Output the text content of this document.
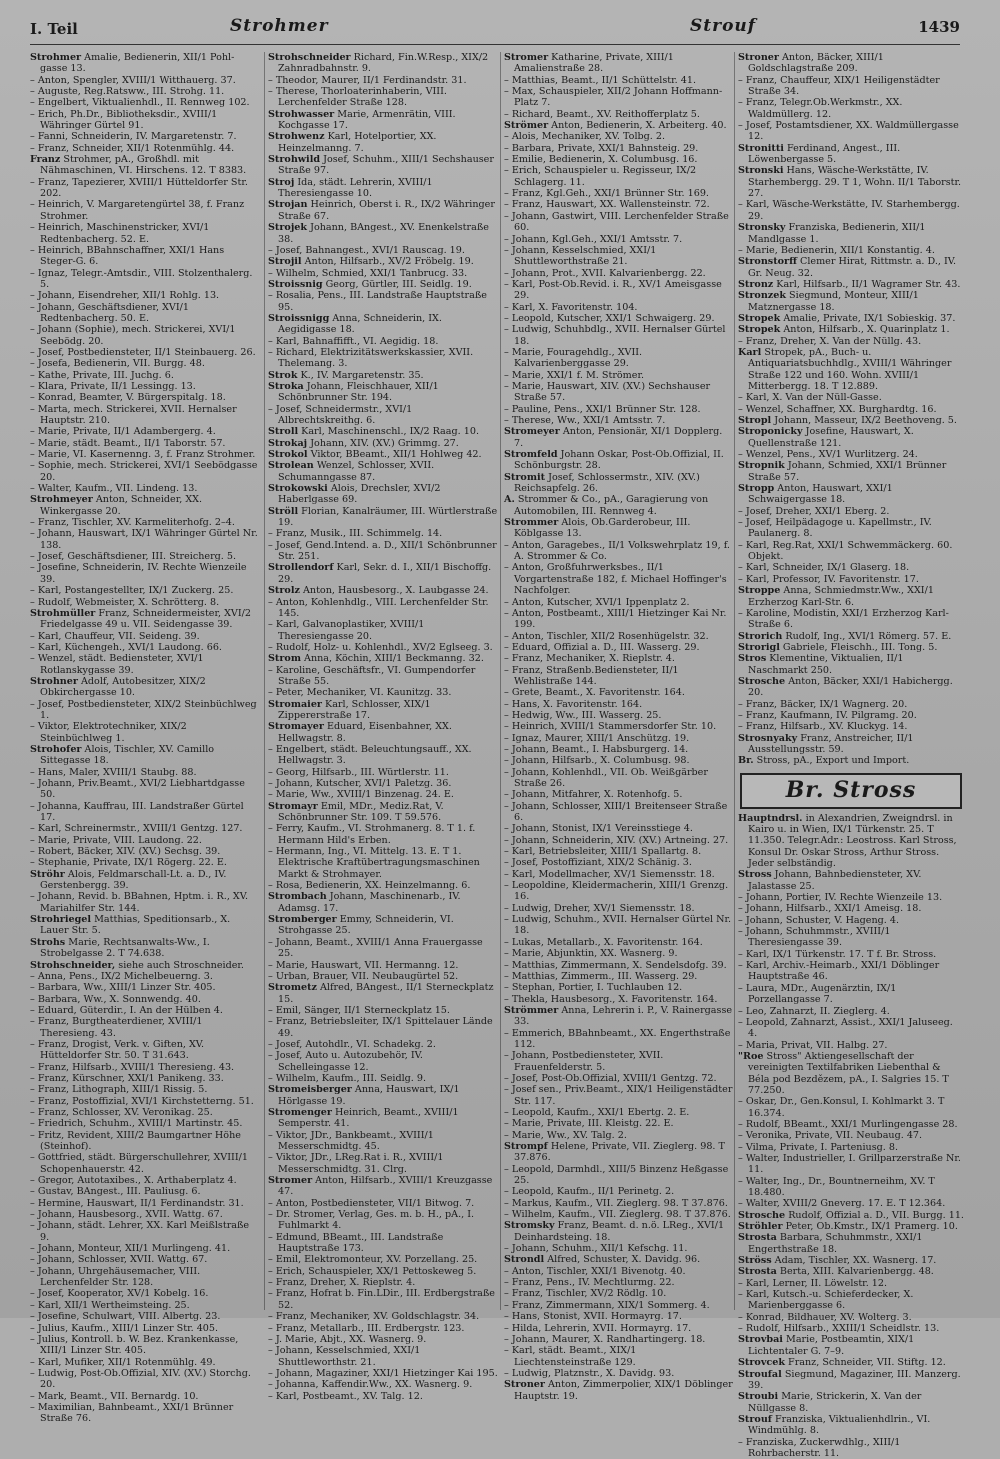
I. Teil	Strohmer	Strouf	1439

Strohmer Amalie, Bedienerin, XII/1 Pohl-gasse 13.

– Anton, Spengler, XVIII/1 Witthauerg. 37.

– Auguste, Reg.Ratsww., III. Strohg. 11.

– Engelbert, Viktualienhdl., II. Rennweg 102.

– Erich, Ph.Dr., Bibliotheksdir., XVIII/1 Währinger Gürtel 91.

– Fanni, Schneiderin, IV. Margaretenstr. 7.

– Franz, Schneider, XII/1 Rotenmühlg. 44.

Franz Strohmer, pA., Großhdl. mit Nähmaschinen, VI. Hirschens. 12. T 8383.

– Franz, Tapezierer, XVIII/1 Hütteldorfer Str. 202.

– Heinrich, V. Margaretengürtel 38, f. Franz Strohmer.

– Heinrich, Maschinenstricker, XVI/1 Redtenbacherg. 52. E.

– Heinrich, BBahnschaffner, XXI/1 Hans Steger-G. 6.

– Ignaz, Telegr.-Amtsdir., VIII. Stolzenthalerg. 5.

– Johann, Eisendreher, XII/1 Rohlg. 13.

– Johann, Geschäftsdiener, XVI/1 Redtenbacherg. 50. E.

– Johann (Sophie), mech. Strickerei, XVI/1 Seebödg. 20.

– Josef, Postbediensteter, II/1 Steinbauerg. 26.

– Josefa, Bedienerin, VII. Burgg. 48.

– Kathe, Private, III. Juchg. 6.

– Klara, Private, II/1 Lessingg. 13.

– Konrad, Beamter, V. Bürgerspitalg. 18.

– Marta, mech. Strickerei, XVII. Hernalser Hauptstr. 210.

– Marie, Private, II/1 Adambergerg. 4.

– Marie, städt. Beamt., II/1 Taborstr. 57.

– Marie, VI. Kasernenng. 3, f. Franz Strohmer.

– Sophie, mech. Strickerei, XVI/1 Seebödgasse 20.

– Walter, Kaufm., VII. Lindeng. 13.

Strohmeyer Anton, Schneider, XX. Winkergasse 20.

– Franz, Tischler, XV. Karmeliterhofg. 2–4.

– Johann, Hauswart, IX/1 Währinger Gürtel Nr. 138.

– Josef, Geschäftsdiener, III. Streicherg. 5.

– Josefine, Schneiderin, IV. Rechte Wienzeile 39.

– Karl, Postangestellter, IX/1 Zuckerg. 25.

– Rudolf, Webmeister, X. Schrötterg. 8.

Strohmüller Franz, Schneidermeister, XVI/2 Friedelgasse 49 u. VII. Seidengasse 39.

– Karl, Chauffeur, VII. Seideng. 39.

– Karl, Küchengeh., XVI/1 Laudong. 66.

– Wenzel, städt. Bediensteter, XVI/1 Rotlanskygasse 39.

Strohner Adolf, Autobesitzer, XIX/2 Obkirchergasse 10.

– Josef, Postbediensteter, XIX/2 Steinbüchlweg 1.

– Viktor, Elektrotechniker, XIX/2 Steinbüchlweg 1.

Strohofer Alois, Tischler, XV. Camillo Sittegasse 18.

– Hans, Maler, XVIII/1 Staubg. 88.

– Johann, Priv.Beamt., XVI/2 Liebhartdgasse 50.

– Johanna, Kauffrau, III. Landstraßer Gürtel 17.

– Karl, Schreinermstr., XVIII/1 Gentzg. 127.

– Marie, Private, VIII. Laudong. 22.

– Robert, Bäcker, XIV. (XV.) Sechsg. 39.

– Stephanie, Private, IX/1 Rögerg. 22. E.

Ströhr Alois, Feldmarschall-Lt. a. D., IV. Gerstenbergg. 39.

– Johann, Revid. b. BBahnen, Hptm. i. R., XV. Mariahilfer Str. 144.

Strohriegel Matthias, Speditionsarb., X. Lauer Str. 5.

Strohs Marie, Rechtsanwalts-Ww., I. Strobelgasse 2. T 74.638.

Strohschneider, siehe auch Stroschneider.

– Anna, Pens., IX/2 Michelbeuerng. 3.

– Barbara, Ww., XIII/1 Linzer Str. 405.

– Barbara, Ww., X. Sonnwendg. 40.

– Eduard, Güterdir., I. An der Hülben 4.

– Franz, Burgtheaterdiener, XVIII/1 Theresieng. 43.

– Franz, Drogist, Verk. v. Giften, XV. Hütteldorfer Str. 50. T 31.643.

– Franz, Hilfsarb., XVIII/1 Theresieng. 43.

– Franz, Kürschner, XXI/1 Panikeng. 33.

– Franz, Lithograph, XIII/1 Rissig. 5.

– Franz, Postoffizial, XVI/1 Kirchstetterng. 51.

– Franz, Schlosser, XV. Veronikag. 25.

– Friedrich, Schuhm., XVIII/1 Martinstr. 45.

– Fritz, Revident, XIII/2 Baumgartner Höhe (Steinhof).

– Gottfried, städt. Bürgerschullehrer, XVIII/1 Schopenhauerstr. 42.

– Gregor, Autotaxibes., X. Arthaberplatz 4.

– Gustav, BAngest., III. Pauliusg. 6.

– Hermine, Hauswart, II/1 Ferdinandstr. 31.

– Johann, Hausbesorg., XVII. Wattg. 67.

– Johann, städt. Lehrer, XX. Karl Meißlstraße 9.

– Johann, Monteur, XII/1 Murlingeng. 41.

– Johann, Schlosser, XVII. Wattg. 67.

– Johann, Uhrgehäusemacher, VIII. Lerchenfelder Str. 128.

– Josef, Kooperator, XV/1 Kobelg. 16.

– Karl, XII/1 Wertheimsteing. 25.

– Josefine, Schulwart, VIII. Albertg. 23.

– Julius, Kaufm., XIII/1 Linzer Str. 405.

– Julius, Kontroll. b. W. Bez. Krankenkasse, XIII/1 Linzer Str. 405.

– Karl, Mufiker, XII/1 Rotenmühlg. 49.

– Ludwig, Post-Ob.Offizial, XIV. (XV.) Storchg. 20.

– Mark, Beamt., VII. Bernardg. 10.

– Maximilian, Bahnbeamt., XXI/1 Brünner Straße 76.

Strohschneider Richard, Fin.W.Resp., XIX/2 Zahnradbahnstr. 9.

– Theodor, Maurer, II/1 Ferdinandstr. 31.

– Therese, Thorloaterinhaberin, VIII. Lerchenfelder Straße 128.

Strohwasser Marie, Armenrätin, VIII. Kochgasse 17.

Strohwenz Karl, Hotelportier, XX. Heinzelmanng. 7.

Strohwild Josef, Schuhm., XIII/1 Sechshauser Straße 97.

Stroj Ida, städt. Lehrerin, XVIII/1 Theresiengasse 10.

Strojan Heinrich, Oberst i. R., IX/2 Währinger Straße 67.

Strojek Johann, BAngest., XV. Enenkelstraße 38.

– Josef, Bahnangest., XVI/1 Rauscag. 19.

Strojil Anton, Hilfsarb., XV/2 Fröbelg. 19.

– Wilhelm, Schmied, XXI/1 Tanbrucg. 33.

Stroissnig Georg, Gürtler, III. Seidlg. 19.

– Rosalia, Pens., III. Landstraße Hauptstraße 95.

Stroissnigg Anna, Schneiderin, IX. Aegidigasse 18.

– Karl, Bahnaffifft., VI. Aegidig. 18.

– Richard, Elektrizitätswerkskassier, XVII. Thelemang. 3.

Strok K., IV. Margaretenstr. 35.

Stroka Johann, Fleischhauer, XII/1 Schönbrunner Str. 194.

– Josef, Schneidermstr., XVI/1 Albrechtskreithg. 6.

Stroll Karl, Maschinenschl., IX/2 Raag. 10.

Strokaj Johann, XIV. (XV.) Grimmg. 27.

Strokol Viktor, BBeamt., XII/1 Hohlweg 42.

Strolean Wenzel, Schlosser, XVII. Schumanngasse 87.

Strokowski Alois, Drechsler, XVI/2 Haberlgasse 69.

Ströll Florian, Kanalräumer, III. Würtlerstraße 19.

– Franz, Musik., III. Schimmelg. 14.

– Josef, Gend.Intend. a. D., XII/1 Schönbrunner Str. 251.

Strollendorf Karl, Sekr. d. I., XII/1 Bischoffg. 29.

Strolz Anton, Hausbesorg., X. Laubgasse 24.

– Anton, Kohlenhdlg., VIII. Lerchenfelder Str. 145.

– Karl, Galvanoplastiker, XVIII/1 Theresiengasse 20.

– Rudolf, Holz- u. Kohlenhdl., XV/2 Eglseeg. 3.

Strom Anna, Köchin, XIII/1 Beckmanng. 32.

– Karoline, Geschäftsfr., VI. Gumpendorfer Straße 55.

– Peter, Mechaniker, VI. Kaunitzg. 33.

Stromaier Karl, Schlosser, XIX/1 Zippererstraße 17.

Stromayer Eduard, Eisenbahner, XX. Hellwagstr. 8.

– Engelbert, städt. Beleuchtungsauff., XX. Hellwagstr. 3.

– Georg, Hilfsarb., III. Würtlerstr. 11.

– Johann, Kutscher, XVI/1 Paletzg. 36.

– Marie, Ww., XVIII/1 Binzenag. 24. E.

Stromayr Emil, MDr., Mediz.Rat, V. Schönbrunner Str. 109. T 59.576.

– Ferry, Kaufm., VI. Strohmanerg. 8. T 1. f. Hermann Hild's Erben.

– Hermann, Ing., VI. Mittelg. 13. E. T 1. Elektrische Kraftübertragungsmaschinen Markt & Strohmayer.

– Rosa, Bedienerin, XX. Heinzelmanng. 6.

Strombach Johann, Maschinenarb., IV. Adamsg. 17.

Stromberger Emmy, Schneiderin, VI. Strohgasse 25.

– Johann, Beamt., XVIII/1 Anna Frauergasse 25.

– Marie, Hauswart, VII. Hermanng. 12.

– Urban, Brauer, VII. Neubaugürtel 52.

Strometz Alfred, BAngest., II/1 Sterneckplatz 15.

– Emil, Sänger, II/1 Sterneckplatz 15.

– Franz, Betriebsleiter, IX/1 Spittelauer Lände 49.

– Josef, Autohdlr., VI. Schadekg. 2.

– Josef, Auto u. Autozubehör, IV. Schelleingasse 12.

– Wilhelm, Kaufm., III. Seidlg. 9.

Stromeisberger Anna, Hauswart, IX/1 Hörlgasse 19.

Stromenger Heinrich, Beamt., XVIII/1 Semperstr. 41.

– Viktor, JDr., Bankbeamt., XVIII/1 Messerschmidtg. 45.

– Viktor, JDr., LReg.Rat i. R., XVIII/1 Messerschmidtg. 31. Clrg.

Stromer Anton, Hilfsarb., XVIII/1 Kreuzgasse 47.

– Anton, Postbediensteter, VII/1 Bitwog. 7.

– Dr. Stromer, Verlag, Ges. m. b. H., pA., I. Fuhlmarkt 4.

– Edmund, BBeamt., III. Landstraße Hauptstraße 173.

– Emil, Elektromonteur, XV. Porzellang. 25.

– Erich, Schauspieler, XX/1 Pettoskeweg 5.

– Franz, Dreher, X. Rieplstr. 4.

– Franz, Hofrat b. Fin.LDir., III. Erdbergstraße 52.

– Franz, Mechaniker, XV. Goldschlagstr. 34.

– Franz, Metallarb., III. Erdbergstr. 123.

– J. Marie, Abjt., XX. Wasnerg. 9.

– Johann, Kesselschmied, XXI/1 Shuttleworthstr. 21.

– Johann, Magaziner, XXI/1 Hietzinger Kai 195.

– Johanna, Kaffendir.Ww., XX. Wasnerg. 9.

– Karl, Postbeamt., XV. Talg. 12.

Stromer Katharine, Private, XIII/1 Amalienstraße 28.

– Matthias, Beamt., II/1 Schüttelstr. 41.

– Max, Schauspieler, XII/2 Johann Hoffmann-Platz 7.

– Richard, Beamt., XV. Reithofferplatz 5.

Strömer Anton, Bedienerin, X. Arbeiterg. 40.

– Alois, Mechaniker, XV. Tolbg. 2.

– Barbara, Private, XXI/1 Bahnsteig. 29.

– Emilie, Bedienerin, X. Columbusg. 16.

– Erich, Schauspieler u. Regisseur, IX/2 Schlagerg. 11.

– Franz, Kgl.Geh., XXI/1 Brünner Str. 169.

– Franz, Hauswart, XX. Wallensteinstr. 72.

– Johann, Gastwirt, VIII. Lerchenfelder Straße 60.

– Johann, Kgl.Geh., XXI/1 Amtsstr. 7.

– Johann, Kesselschmied, XXI/1 Shuttleworthstraße 21.

– Johann, Prot., XVII. Kalvarienbergg. 22.

– Karl, Post-Ob.Revid. i. R., XV/1 Ameisgasse 29.

– Karl, X. Favoritenstr. 104.

– Leopold, Kutscher, XXI/1 Schwaigerg. 29.

– Ludwig, Schuhbdlg., XVII. Hernalser Gürtel 18.

– Marie, Fouragehdlg., XVII. Kalvarienberggasse 29.

– Marie, XXI/1 f. M. Strömer.

– Marie, Hauswart, XIV. (XV.) Sechshauser Straße 57.

– Pauline, Pens., XXI/1 Brünner Str. 128.

– Therese, Ww., XXI/1 Amtsstr. 7.

Stromeyer Anton, Pensionär, XI/1 Dopplerg. 7.

Stromfeld Johann Oskar, Post-Ob.Offizial, II. Schönburgstr. 28.

Stromit Josef, Schlossermstr., XIV. (XV.) Reichsapfelg. 26.

A. Strommer & Co., pA., Garagierung von Automobilen, III. Rennweg 4.

Strommer Alois, Ob.Garderobeur, III. Köblgasse 13.

– Anton, Garagebes., II/1 Volkswehrplatz 19, f. A. Strommer & Co.

– Anton, Großfuhrwerksbes., II/1 Vorgartenstraße 182, f. Michael Hoffinger's Nachfolger.

– Anton, Kutscher, XVI/1 Ippenplatz 2.

– Anton, Postbeamt., XIII/1 Hietzinger Kai Nr. 199.

– Anton, Tischler, XII/2 Rosenhügelstr. 32.

– Eduard, Offizial a. D., III. Wasserg. 29.

– Franz, Mechaniker, X. Rieplstr. 4.

– Franz, Straßenb.Bediensteter, II/1 Wehlistraße 144.

– Grete, Beamt., X. Favoritenstr. 164.

– Hans, X. Favoritenstr. 164.

– Hedwig, Ww., III. Wasserg. 25.

– Heinrich, XVIII/1 Stammersdorfer Str. 10.

– Ignaz, Maurer, XIII/1 Anschützg. 19.

– Johann, Beamt., I. Habsburgerg. 14.

– Johann, Hilfsarb., X. Columbusg. 98.

– Johann, Kohlenhdl., VII. Ob. Weißgärber Straße 26.

– Johann, Mitfahrer, X. Rotenhofg. 5.

– Johann, Schlosser, XIII/1 Breitenseer Straße 6.

– Johann, Stonist, IX/1 Vereinsstiege 4.

– Johann, Schneiderin, XIV. (XV.) Artneing. 27.

– Karl, Betriebsleiter, XIII/1 Spallartg. 8.

– Josef, Postoffiziant, XIX/2 Schänig. 3.

– Karl, Modellmacher, XV/1 Siemensstr. 18.

– Leopoldine, Kleidermacherin, XIII/1 Grenzg. 16.

– Ludwig, Dreher, XV/1 Siemensstr. 18.

– Ludwig, Schuhm., XVII. Hernalser Gürtel Nr. 18.

– Lukas, Metallarb., X. Favoritenstr. 164.

– Marie, Abjunktin, XX. Wasnerg. 9.

– Matthias, Zimmermann, X. Sendelsdofg. 39.

– Matthias, Zimmerm., III. Wasserg. 29.

– Stephan, Portier, I. Tuchlauben 12.

– Thekla, Hausbesorg., X. Favoritenstr. 164.

Strömmer Anna, Lehrerin i. P., V. Rainergasse 33.

– Emmerich, BBahnbeamt., XX. Engerthstraße 112.

– Johann, Postbediensteter, XVII. Frauenfelderstr. 5.

– Josef, Post-Ob.Offizial, XVIII/1 Gentzg. 72.

– Josef sen., Priv.Beamt., XIX/1 Heiligenstädter Str. 117.

– Leopold, Kaufm., XXI/1 Ebertg. 2. E.

– Marie, Private, III. Kleistg. 22. E.

– Marie, Ww., XV. Talg. 2.

Strompf Helene, Private, VII. Zieglerg. 98. T 37.876.

– Leopold, Darmhdl., XIII/5 Binzenz Heßgasse 25.

– Leopold, Kaufm., II/1 Perinetg. 2.

– Markus, Kaufm., VII. Zieglerg. 98. T 37.876.

– Wilhelm, Kaufm., VII. Zieglerg. 98. T 37.876.

Stromsky Franz, Beamt. d. n.ö. LReg., XVI/1 Deinhardsteing. 18.

– Johann, Schuhm., XII/1 Kefschg. 11.

Strondl Alfred, Schuster, X. Davidg. 96.

– Anton, Tischler, XXI/1 Bivenotg. 40.

– Franz, Pens., IV. Mechtlurmg. 22.

– Franz, Tischler, XV/2 Rödlg. 10.

– Franz, Zimmermann, XIX/1 Sommerg. 4.

– Hans, Stonist, XVII. Hormayrg. 17.

– Hilda, Lehrerin, XVII. Hormayrg. 17.

– Johann, Maurer, X. Randhartingerg. 18.

– Karl, städt. Beamt., XIX/1 Liechtensteinstraße 129.

– Ludwig, Platznstr., X. Davidg. 93.

Stroner Anton, Zimmerpolier, XIX/1 Döblinger Hauptstr. 19.

Stroner Anton, Bäcker, XIII/1 Goldschlagstraße 209.

– Franz, Chauffeur, XIX/1 Heiligenstädter Straße 34.

– Franz, Telegr.Ob.Werkmstr., XX. Waldmüllerg. 12.

– Josef, Postamtsdiener, XX. Waldmüllergasse 12.

Stronitti Ferdinand, Angest., III. Löwenbergasse 5.

Stronski Hans, Wäsche-Werkstätte, IV. Starhembergg. 29. T 1, Wohn. II/1 Taborstr. 27.

– Karl, Wäsche-Werkstätte, IV. Starhembergg. 29.

Stronsky Franziska, Bedienerin, XII/1 Mandlgasse 1.

– Marie, Bedienerin, XII/1 Konstantig. 4.

Stronstorff Clemer Hirat, Rittmstr. a. D., IV. Gr. Neug. 32.

Stronz Karl, Hilfsarb., II/1 Wagramer Str. 43.

Stronzek Siegmund, Monteur, XIII/1 Matznergasse 18.

Stropek Amalie, Private, IX/1 Sobieskig. 37.

Stropek Anton, Hilfsarb., X. Quarinplatz 1.

– Franz, Dreher, X. Van der Nüllg. 43.

Karl Stropek, pA., Buch- u. Antiquariatsbuchhdlg., XVIII/1 Währinger Straße 122 und 160. Wohn. XVIII/1 Mitterbergg. 18. T 12.889.

– Karl, X. Van der Nüll-Gasse.

– Wenzel, Schaffner, XX. Burghardtg. 16.

Stropl Johann, Masseur, IX/2 Beethoveng. 5.

Stroponicky Josefine, Hauswart, X. Quellenstraße 121.

– Wenzel, Pens., XV/1 Wurlitzerg. 24.

Stropnik Johann, Schmied, XXI/1 Brünner Straße 57.

Stropp Anton, Hauswart, XXI/1 Schwaigergasse 18.

– Josef, Dreher, XXI/1 Eberg. 2.

– Josef, Heilpädagoge u. Kapellmstr., IV. Paulanerg. 8.

– Karl, Reg.Rat, XXI/1 Schwemmäckerg. 60. Objekt.

– Karl, Schneider, IX/1 Glaserg. 18.

– Karl, Professor, IV. Favoritenstr. 17.

Stroppe Anna, Schmiedmstr.Ww., XXI/1 Erzherzog Karl-Str. 6.

– Karoline, Modistin, XXI/1 Erzherzog Karl-Straße 6.

Strorich Rudolf, Ing., XVI/1 Römerg. 57. E.

Strorigl Gabriele, Fleischh., III. Tong. 5.

Stros Klementine, Viktualien, II/1 Naschmarkt 250.

Strosche Anton, Bäcker, XXI/1 Habichergg. 20.

– Franz, Bäcker, IX/1 Wagnerg. 20.

– Franz, Kaufmann, IV. Pilgramg. 20.

– Franz, Hilfsarb., XV. Kluckyg. 14.

Strosnyaky Franz, Anstreicher, II/1 Ausstellungsstr. 59.

Br. Stross, pA., Export und Import.

Br. Stross

Hauptndrsl. in Alexandrien, Zweigndrsl. in Kairo u. in Wien, IX/1 Türkenstr. 25. T 11.350. Telegr.Adr.: Leostross. Karl Stross, Konsul Dr. Oskar Stross, Arthur Stross. Jeder selbständig.

Stross Johann, Bahnbediensteter, XV. Jalastasse 25.

– Johann, Portier, IV. Rechte Wienzeile 13.

– Johann, Hilfsarb., XXI/1 Ameisg. 18.

– Johann, Schuster, V. Hageng. 4.

– Johann, Schuhmmstr., XVIII/1 Theresiengasse 39.

– Karl, IX/1 Türkenstr. 17. T f. Br. Stross.

– Karl, Archiv.-Heimarb., XXI/1 Döblinger Hauptstraße 46.

– Laura, MDr., Augenärztin, IX/1 Porzellangasse 7.

– Leo, Zahnarzt, II. Zieglerg. 4.

– Leopold, Zahnarzt, Assist., XXI/1 Jaluseeg. 4.

– Maria, Privat, VII. Halbg. 27.

"Roe Stross" Aktiengesellschaft der vereinigten Textilfabriken Liebenthal & Béla pod Bezdězem, pA., I. Salgries 15. T 77.250.

– Oskar, Dr., Gen.Konsul, I. Kohlmarkt 3. T 16.374.

– Rudolf, BBeamt., XXI/1 Murlingengasse 28.

– Veronika, Private, VII. Neubaug. 47.

– Vilma, Private, I. Parteniusg. 8.

– Walter, Industrieller, I. Grillparzerstraße Nr. 11.

– Walter, Ing., Dr., Bountnerneihm, XV. T 18.480.

– Walter, XVIII/2 Gneverg. 17. E. T 12.364.

Strosche Rudolf, Offizial a. D., VII. Burgg. 11.

Ströhler Peter, Ob.Kmstr., IX/1 Pramerg. 10.

Strosta Barbara, Schuhmmstr., XXI/1 Engerthstraße 18.

Ströss Adam, Tischler, XX. Wasnerg. 17.

Strosta Berta, XIII. Kalvarienbergg. 48.

– Karl, Lerner, II. Löwelstr. 12.

– Karl, Kutsch.-u. Schieferdecker, X. Marienberggasse 6.

– Konrad, Bildhauer, XV. Wolterg. 3.

– Rudolf, Hilfsarb., XXIII/1 Scheidlstr. 13.

Strovbai Marie, Postbeamtin, XIX/1 Lichtentaler G. 7–9.

Strovcek Franz, Schneider, VII. Stiftg. 12.

Stroufal Siegmund, Magaziner, III. Manzerg. 39.

Stroubi Marie, Strickerin, X. Van der Nüllgasse 8.

Strouf Franziska, Viktualienhdlrin., VI. Windmühlg. 8.

– Franziska, Zuckerwdhlg., XIII/1 Rohrbacherstr. 11.
